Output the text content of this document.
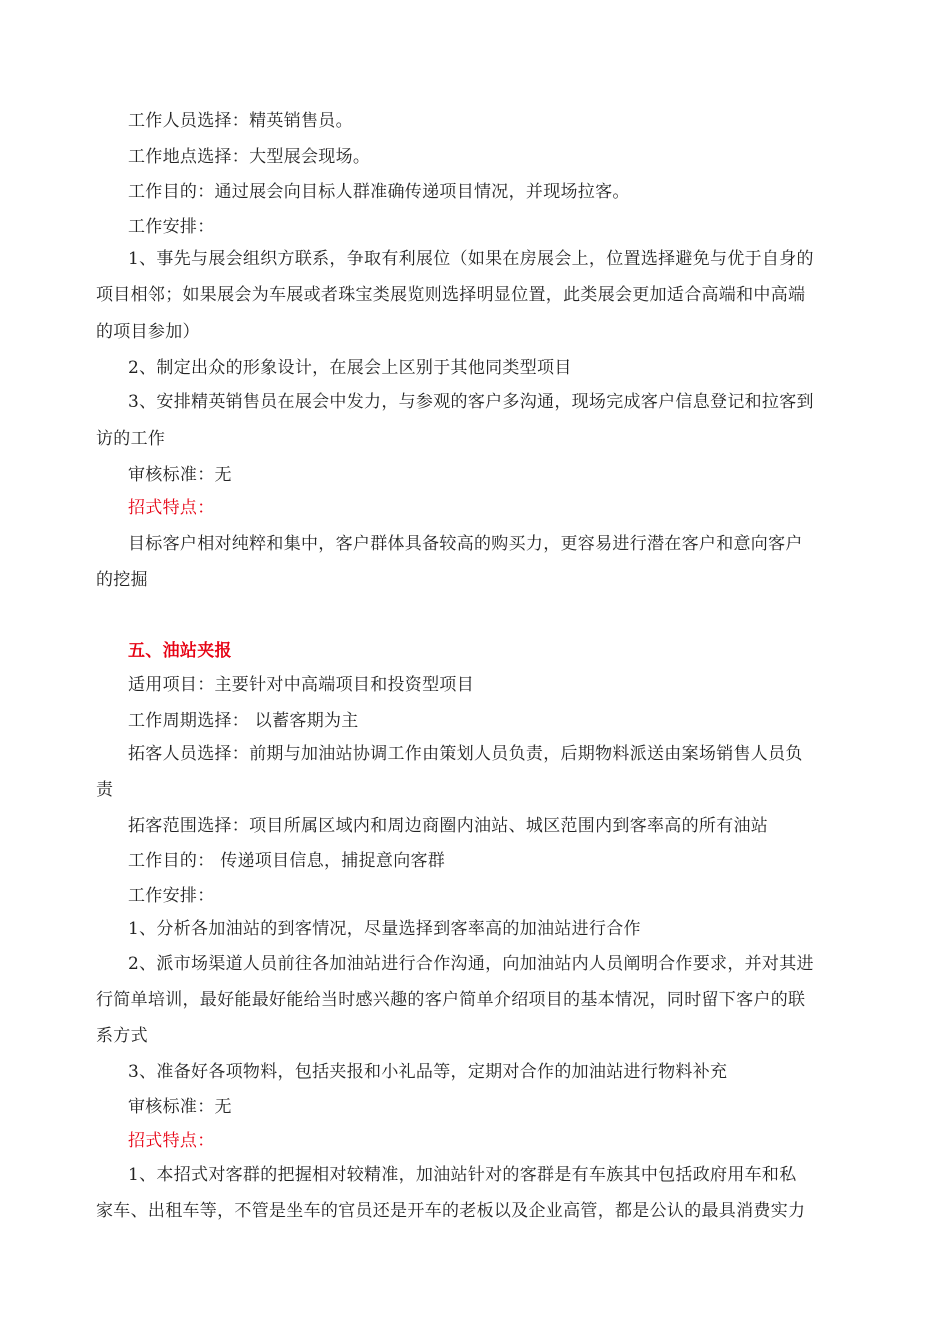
工作人员选择：精英销售员。
工作地点选择：大型展会现场。
工作目的：通过展会向目标人群准确传递项目情况，并现场拉客。
工作安排：
1、事先与展会组织方联系，争取有利展位（如果在房展会上，位置选择避免与优于自身的
项目相邻；如果展会为车展或者珠宝类展览则选择明显位置，此类展会更加适合高端和中高端
的项目参加）
2、制定出众的形象设计，在展会上区别于其他同类型项目
3、安排精英销售员在展会中发力，与参观的客户多沟通，现场完成客户信息登记和拉客到
访的工作
审核标准：无
招式特点：
目标客户相对纯粹和集中，客户群体具备较高的购买力，更容易进行潜在客户和意向客户
的挖掘
五、油站夹报
适用项目：主要针对中高端项目和投资型项目
工作周期选择： 以蓄客期为主
拓客人员选择：前期与加油站协调工作由策划人员负责，后期物料派送由案场销售人员负
责
拓客范围选择：项目所属区域内和周边商圈内油站、城区范围内到客率高的所有油站
工作目的： 传递项目信息，捕捉意向客群
工作安排：
1、分析各加油站的到客情况，尽量选择到客率高的加油站进行合作
2、派市场渠道人员前往各加油站进行合作沟通，向加油站内人员阐明合作要求，并对其进
行简单培训，最好能最好能给当时感兴趣的客户简单介绍项目的基本情况，同时留下客户的联
系方式
3、准备好各项物料，包括夹报和小礼品等，定期对合作的加油站进行物料补充
审核标准：无
招式特点：
1、本招式对客群的把握相对较精准，加油站针对的客群是有车族其中包括政府用车和私
家车、出租车等，不管是坐车的官员还是开车的老板以及企业高管，都是公认的最具消费实力
